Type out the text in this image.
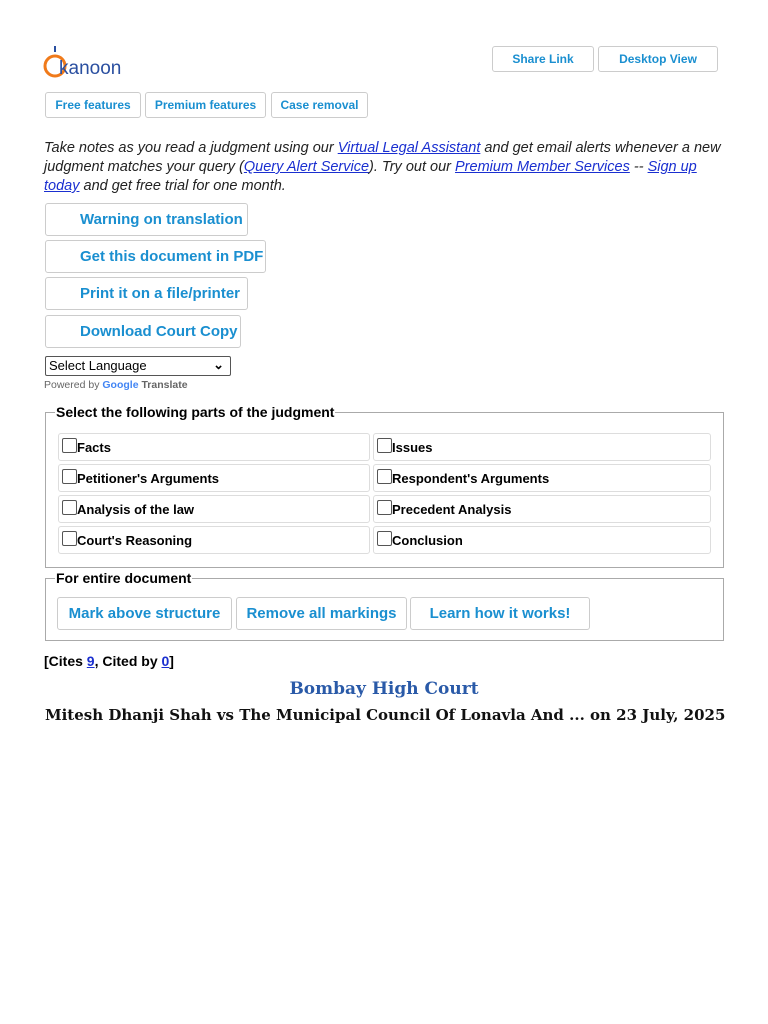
kanoon	Share Link	Desktop View
Free features	Premium features	Case removal
Take notes as you read a judgment using our Virtual Legal Assistant and get email alerts whenever a new judgment matches your query (Query Alert Service). Try out our Premium Member Services -- Sign up today and get free trial for one month.
Warning on translation
Get this document in PDF
Print it on a file/printer
Download Court Copy
Select Language	⌄
Powered by Google Translate
Select the following parts of the judgment
Facts	Issues
Petitioner's Arguments	Respondent's Arguments
Analysis of the law	Precedent Analysis
Court's Reasoning	Conclusion
For entire document
Mark above structure	Remove all markings	Learn how it works!
[Cites 9, Cited by 0]
Bombay High Court
Mitesh Dhanji Shah vs The Municipal Council Of Lonavla And ... on 23 July, 2025
